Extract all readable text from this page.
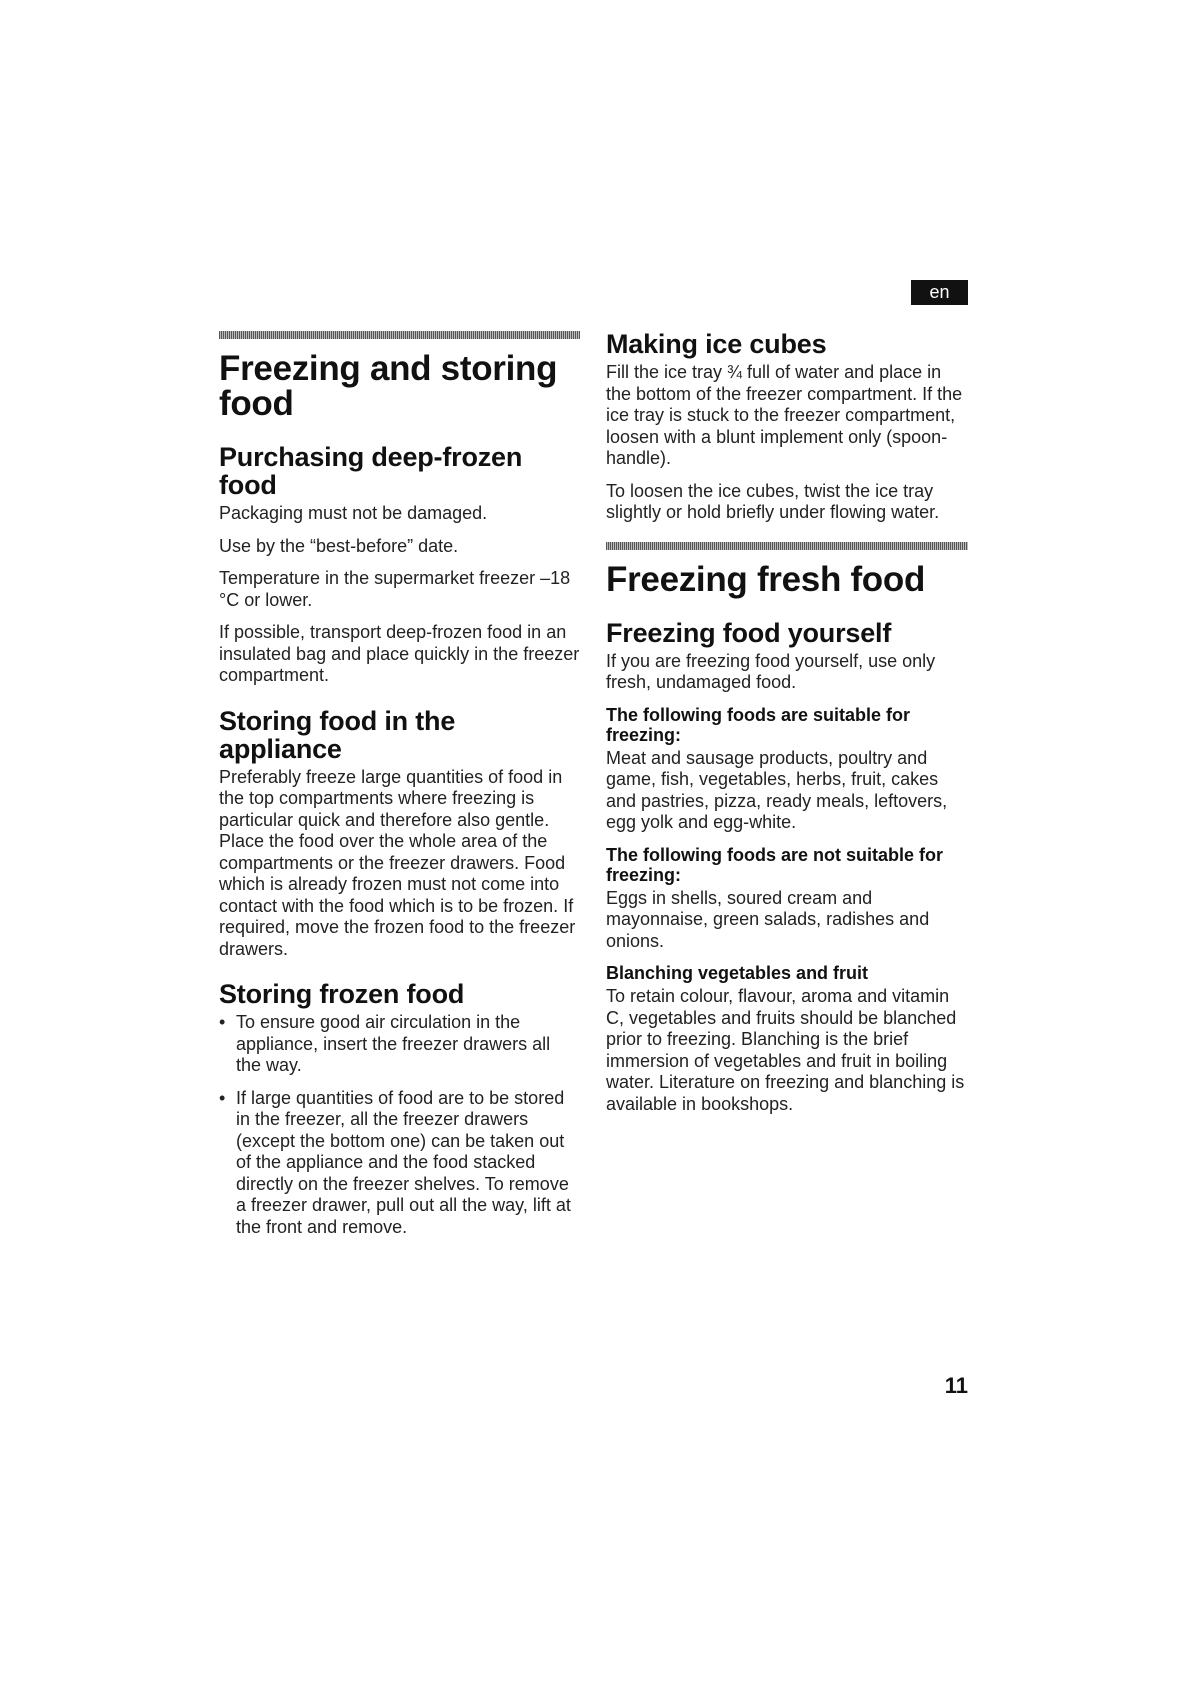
en
Freezing and storing food
Purchasing deep-frozen food

Packaging must not be damaged.

Use by the “best-before” date.

Temperature in the supermarket freezer –18 °C or lower.

If possible, transport deep-frozen food in an insulated bag and place quickly in the freezer compartment.

Storing food in the appliance

Preferably freeze large quantities of food in the top compartments where freezing is particular quick and therefore also gentle. Place the food over the whole area of the compartments or the freezer drawers. Food which is already frozen must not come into contact with the food which is to be frozen. If required, move the frozen food to the freezer drawers.

Storing frozen food
• To ensure good air circulation in the appliance, insert the freezer drawers all the way.
• If large quantities of food are to be stored in the freezer, all the freezer drawers (except the bottom one) can be taken out of the appliance and the food stacked directly on the freezer shelves. To remove a freezer drawer, pull out all the way, lift at the front and remove.
Making ice cubes

Fill the ice tray ¾ full of water and place in the bottom of the freezer compartment. If the ice tray is stuck to the freezer compartment, loosen with a blunt implement only (spoon-handle).

To loosen the ice cubes, twist the ice tray slightly or hold briefly under flowing water.

Freezing fresh food
Freezing food yourself

If you are freezing food yourself, use only fresh, undamaged food.

The following foods are suitable for freezing:

Meat and sausage products, poultry and game, fish, vegetables, herbs, fruit, cakes and pastries, pizza, ready meals, leftovers, egg yolk and egg-white.

The following foods are not suitable for freezing:

Eggs in shells, soured cream and mayonnaise, green salads, radishes and onions.

Blanching vegetables and fruit

To retain colour, flavour, aroma and vitamin C, vegetables and fruits should be blanched prior to freezing. Blanching is the brief immersion of vegetables and fruit in boiling water. Literature on freezing and blanching is available in bookshops.

11
